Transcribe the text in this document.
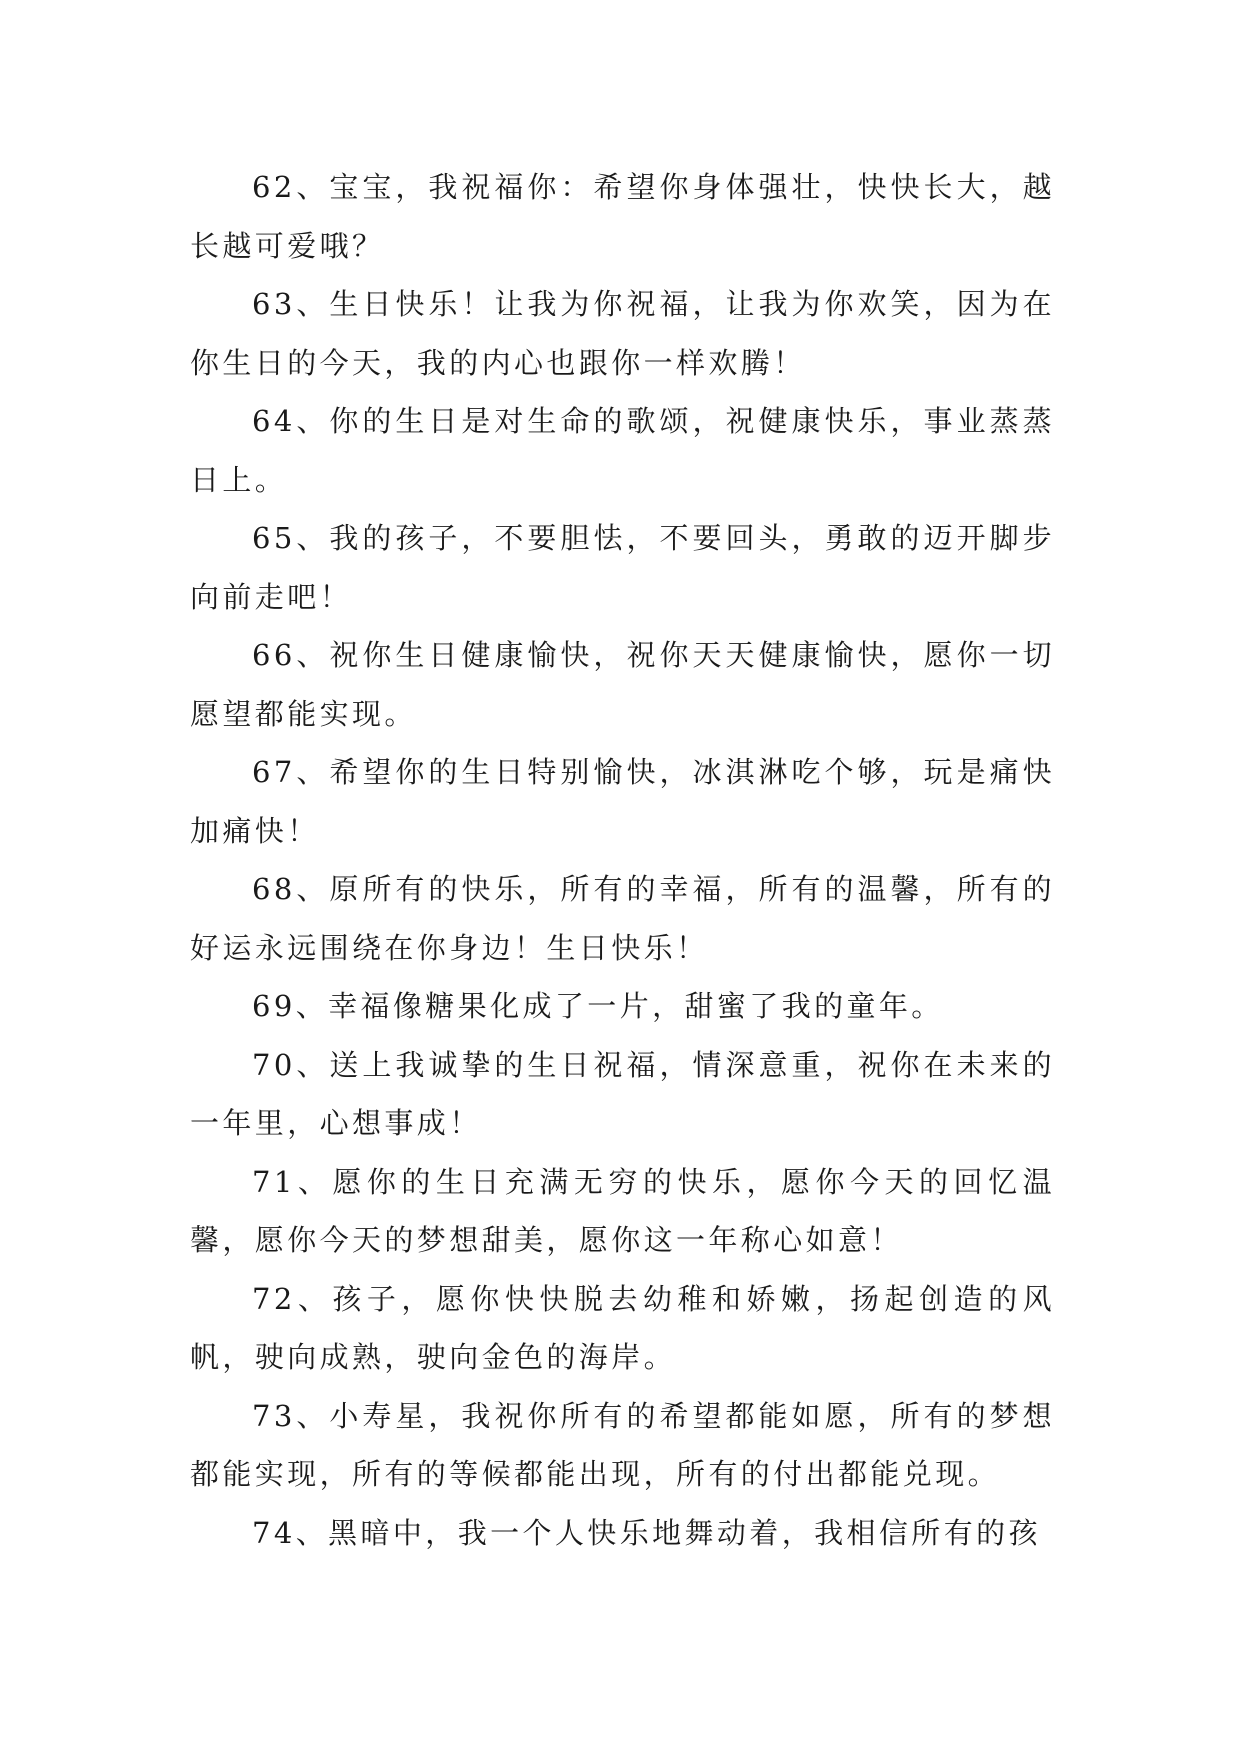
62、宝宝，我祝福你：希望你身体强壮，快快长大，越长越可爱哦？

63、生日快乐！让我为你祝福，让我为你欢笑，因为在你生日的今天，我的内心也跟你一样欢腾！

64、你的生日是对生命的歌颂，祝健康快乐，事业蒸蒸日上。

65、我的孩子，不要胆怯，不要回头，勇敢的迈开脚步向前走吧！

66、祝你生日健康愉快，祝你天天健康愉快，愿你一切愿望都能实现。

67、希望你的生日特别愉快，冰淇淋吃个够，玩是痛快加痛快！

68、原所有的快乐，所有的幸福，所有的温馨，所有的好运永远围绕在你身边！生日快乐！

69、幸福像糖果化成了一片，甜蜜了我的童年。

70、送上我诚挚的生日祝福，情深意重，祝你在未来的一年里，心想事成！

71、愿你的生日充满无穷的快乐，愿你今天的回忆温馨，愿你今天的梦想甜美，愿你这一年称心如意！

72、孩子，愿你快快脱去幼稚和娇嫩，扬起创造的风帆，驶向成熟，驶向金色的海岸。

73、小寿星，我祝你所有的希望都能如愿，所有的梦想都能实现，所有的等候都能出现，所有的付出都能兑现。

74、黑暗中，我一个人快乐地舞动着，我相信所有的孩
